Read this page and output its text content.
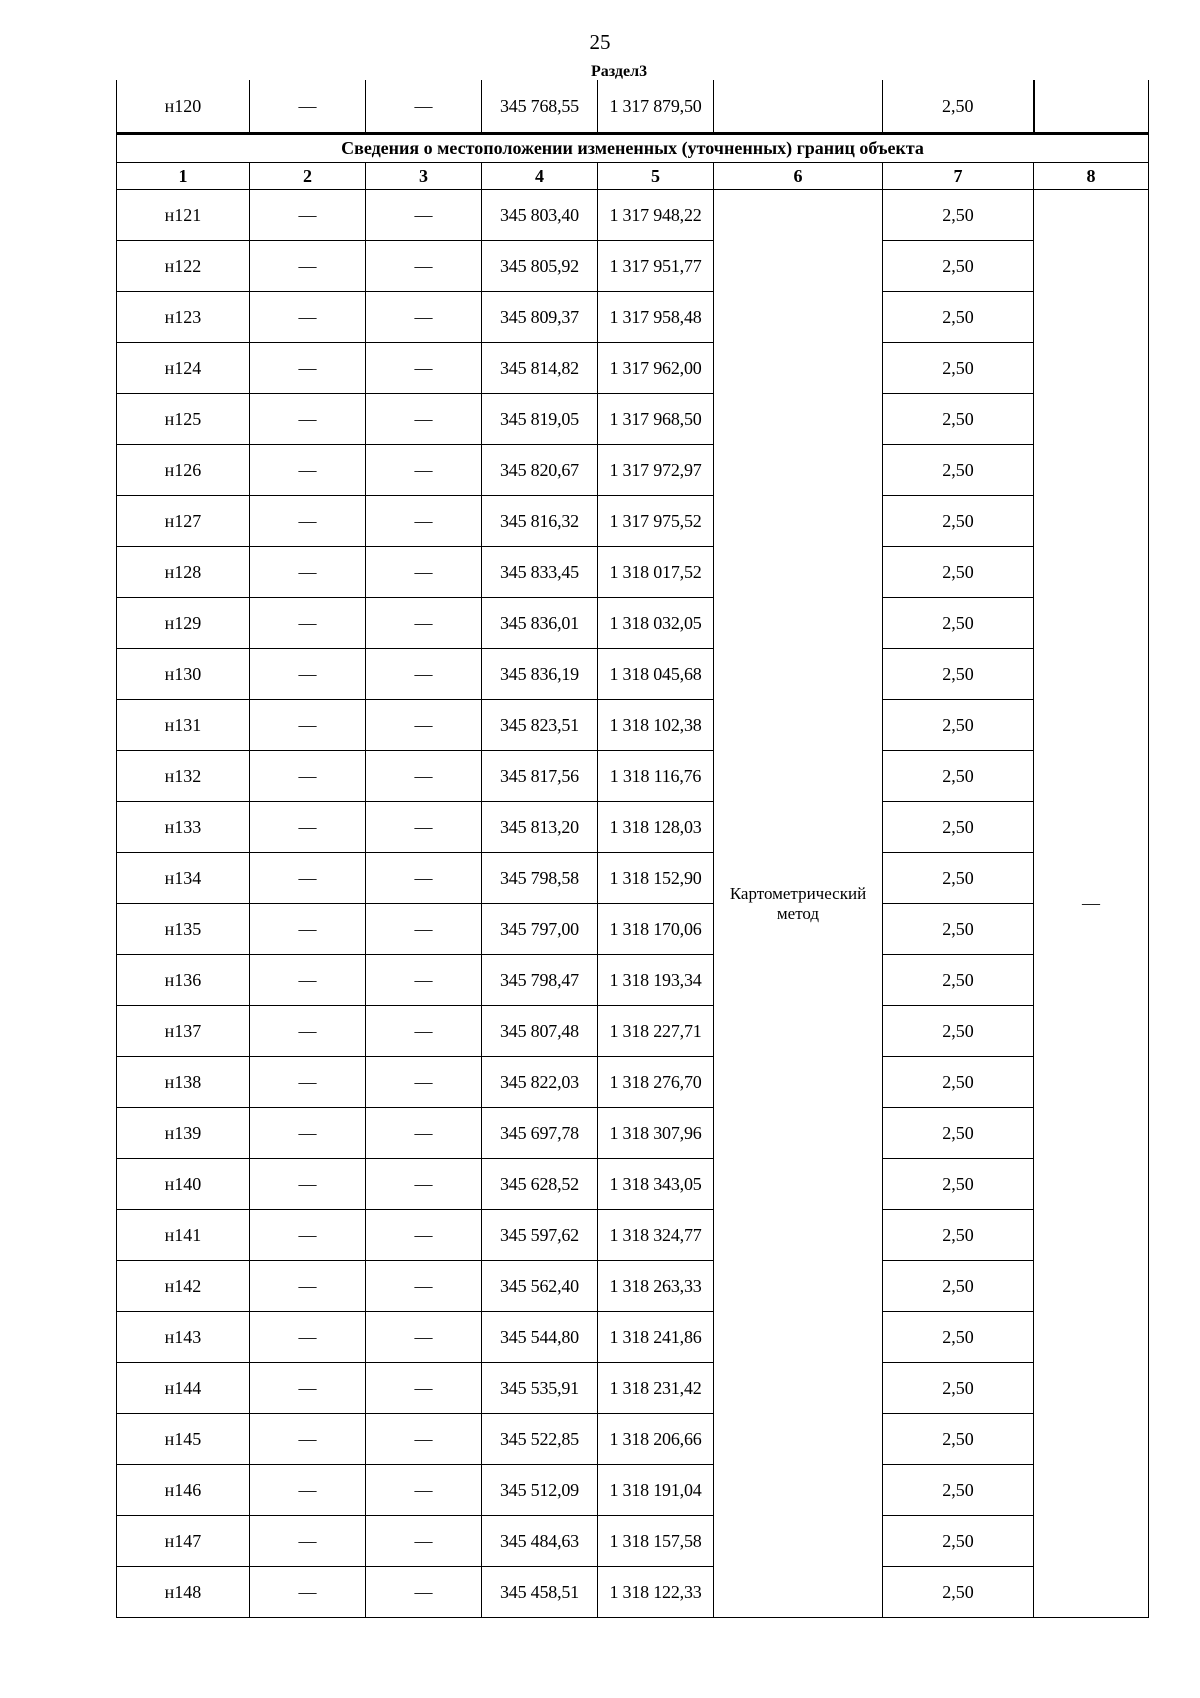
25
Раздел3
н120	—	—	345 768,55	1 317 879,50		2,50	
Сведения о местоположении измененных (уточненных) границ объекта							
1	2	3	4	5	6	7	8
н121	—	—	345 803,40	1 317 948,22	Картометрический метод	2,50	—
н122	—	—	345 805,92	1 317 951,77		2,50	
н123	—	—	345 809,37	1 317 958,48		2,50	
н124	—	—	345 814,82	1 317 962,00		2,50	
н125	—	—	345 819,05	1 317 968,50		2,50	
н126	—	—	345 820,67	1 317 972,97		2,50	
н127	—	—	345 816,32	1 317 975,52		2,50	
н128	—	—	345 833,45	1 318 017,52		2,50	
н129	—	—	345 836,01	1 318 032,05		2,50	
н130	—	—	345 836,19	1 318 045,68		2,50	
н131	—	—	345 823,51	1 318 102,38		2,50	
н132	—	—	345 817,56	1 318 116,76		2,50	
н133	—	—	345 813,20	1 318 128,03		2,50	
н134	—	—	345 798,58	1 318 152,90		2,50	
н135	—	—	345 797,00	1 318 170,06		2,50	
н136	—	—	345 798,47	1 318 193,34		2,50	
н137	—	—	345 807,48	1 318 227,71		2,50	
н138	—	—	345 822,03	1 318 276,70		2,50	
н139	—	—	345 697,78	1 318 307,96		2,50	
н140	—	—	345 628,52	1 318 343,05		2,50	
н141	—	—	345 597,62	1 318 324,77		2,50	
н142	—	—	345 562,40	1 318 263,33		2,50	
н143	—	—	345 544,80	1 318 241,86		2,50	
н144	—	—	345 535,91	1 318 231,42		2,50	
н145	—	—	345 522,85	1 318 206,66		2,50	
н146	—	—	345 512,09	1 318 191,04		2,50	
н147	—	—	345 484,63	1 318 157,58		2,50	
н148	—	—	345 458,51	1 318 122,33		2,50	
